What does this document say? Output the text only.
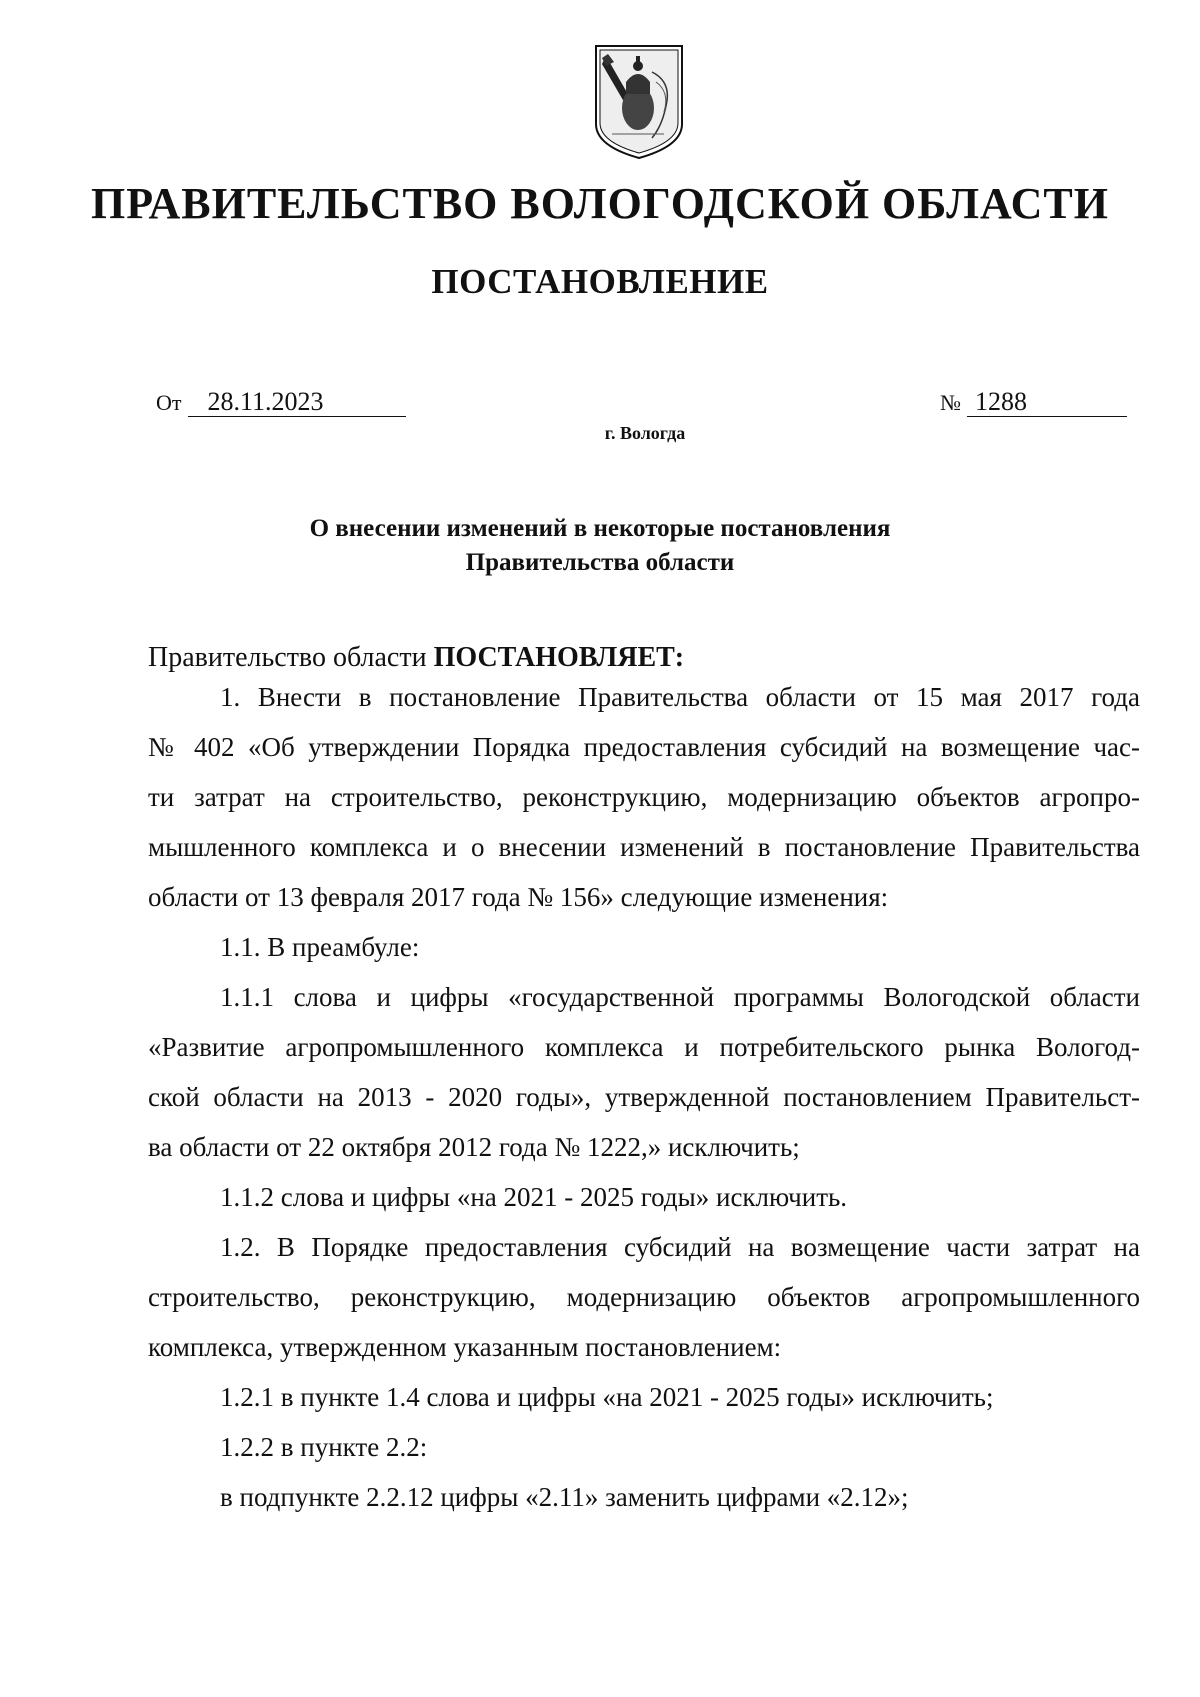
ПРАВИТЕЛЬСТВО ВОЛОГОДСКОЙ ОБЛАСТИ
ПОСТАНОВЛЕНИЕ
От 28.11.2023	№ 1288
г. Вологда
О внесении изменений в некоторые постановления
Правительства области
Правительство области ПОСТАНОВЛЯЕТ:
1. Внести в постановление Правительства области от 15 мая 2017 года
№ 402 «Об утверждении Порядка предоставления субсидий на возмещение час-
ти затрат на строительство, реконструкцию, модернизацию объектов агропро-
мышленного комплекса и о внесении изменений в постановление Правительства
области от 13 февраля 2017 года № 156» следующие изменения:
1.1. В преамбуле:
1.1.1 слова и цифры «государственной программы Вологодской области
«Развитие агропромышленного комплекса и потребительского рынка Вологод-
ской области на 2013 - 2020 годы», утвержденной постановлением Правительст-
ва области от 22 октября 2012 года № 1222,» исключить;
1.1.2 слова и цифры «на 2021 - 2025 годы» исключить.
1.2. В Порядке предоставления субсидий на возмещение части затрат на
строительство, реконструкцию, модернизацию объектов агропромышленного
комплекса, утвержденном указанным постановлением:
1.2.1 в пункте 1.4 слова и цифры «на 2021 - 2025 годы» исключить;
1.2.2 в пункте 2.2:
в подпункте 2.2.12 цифры «2.11» заменить цифрами «2.12»;
